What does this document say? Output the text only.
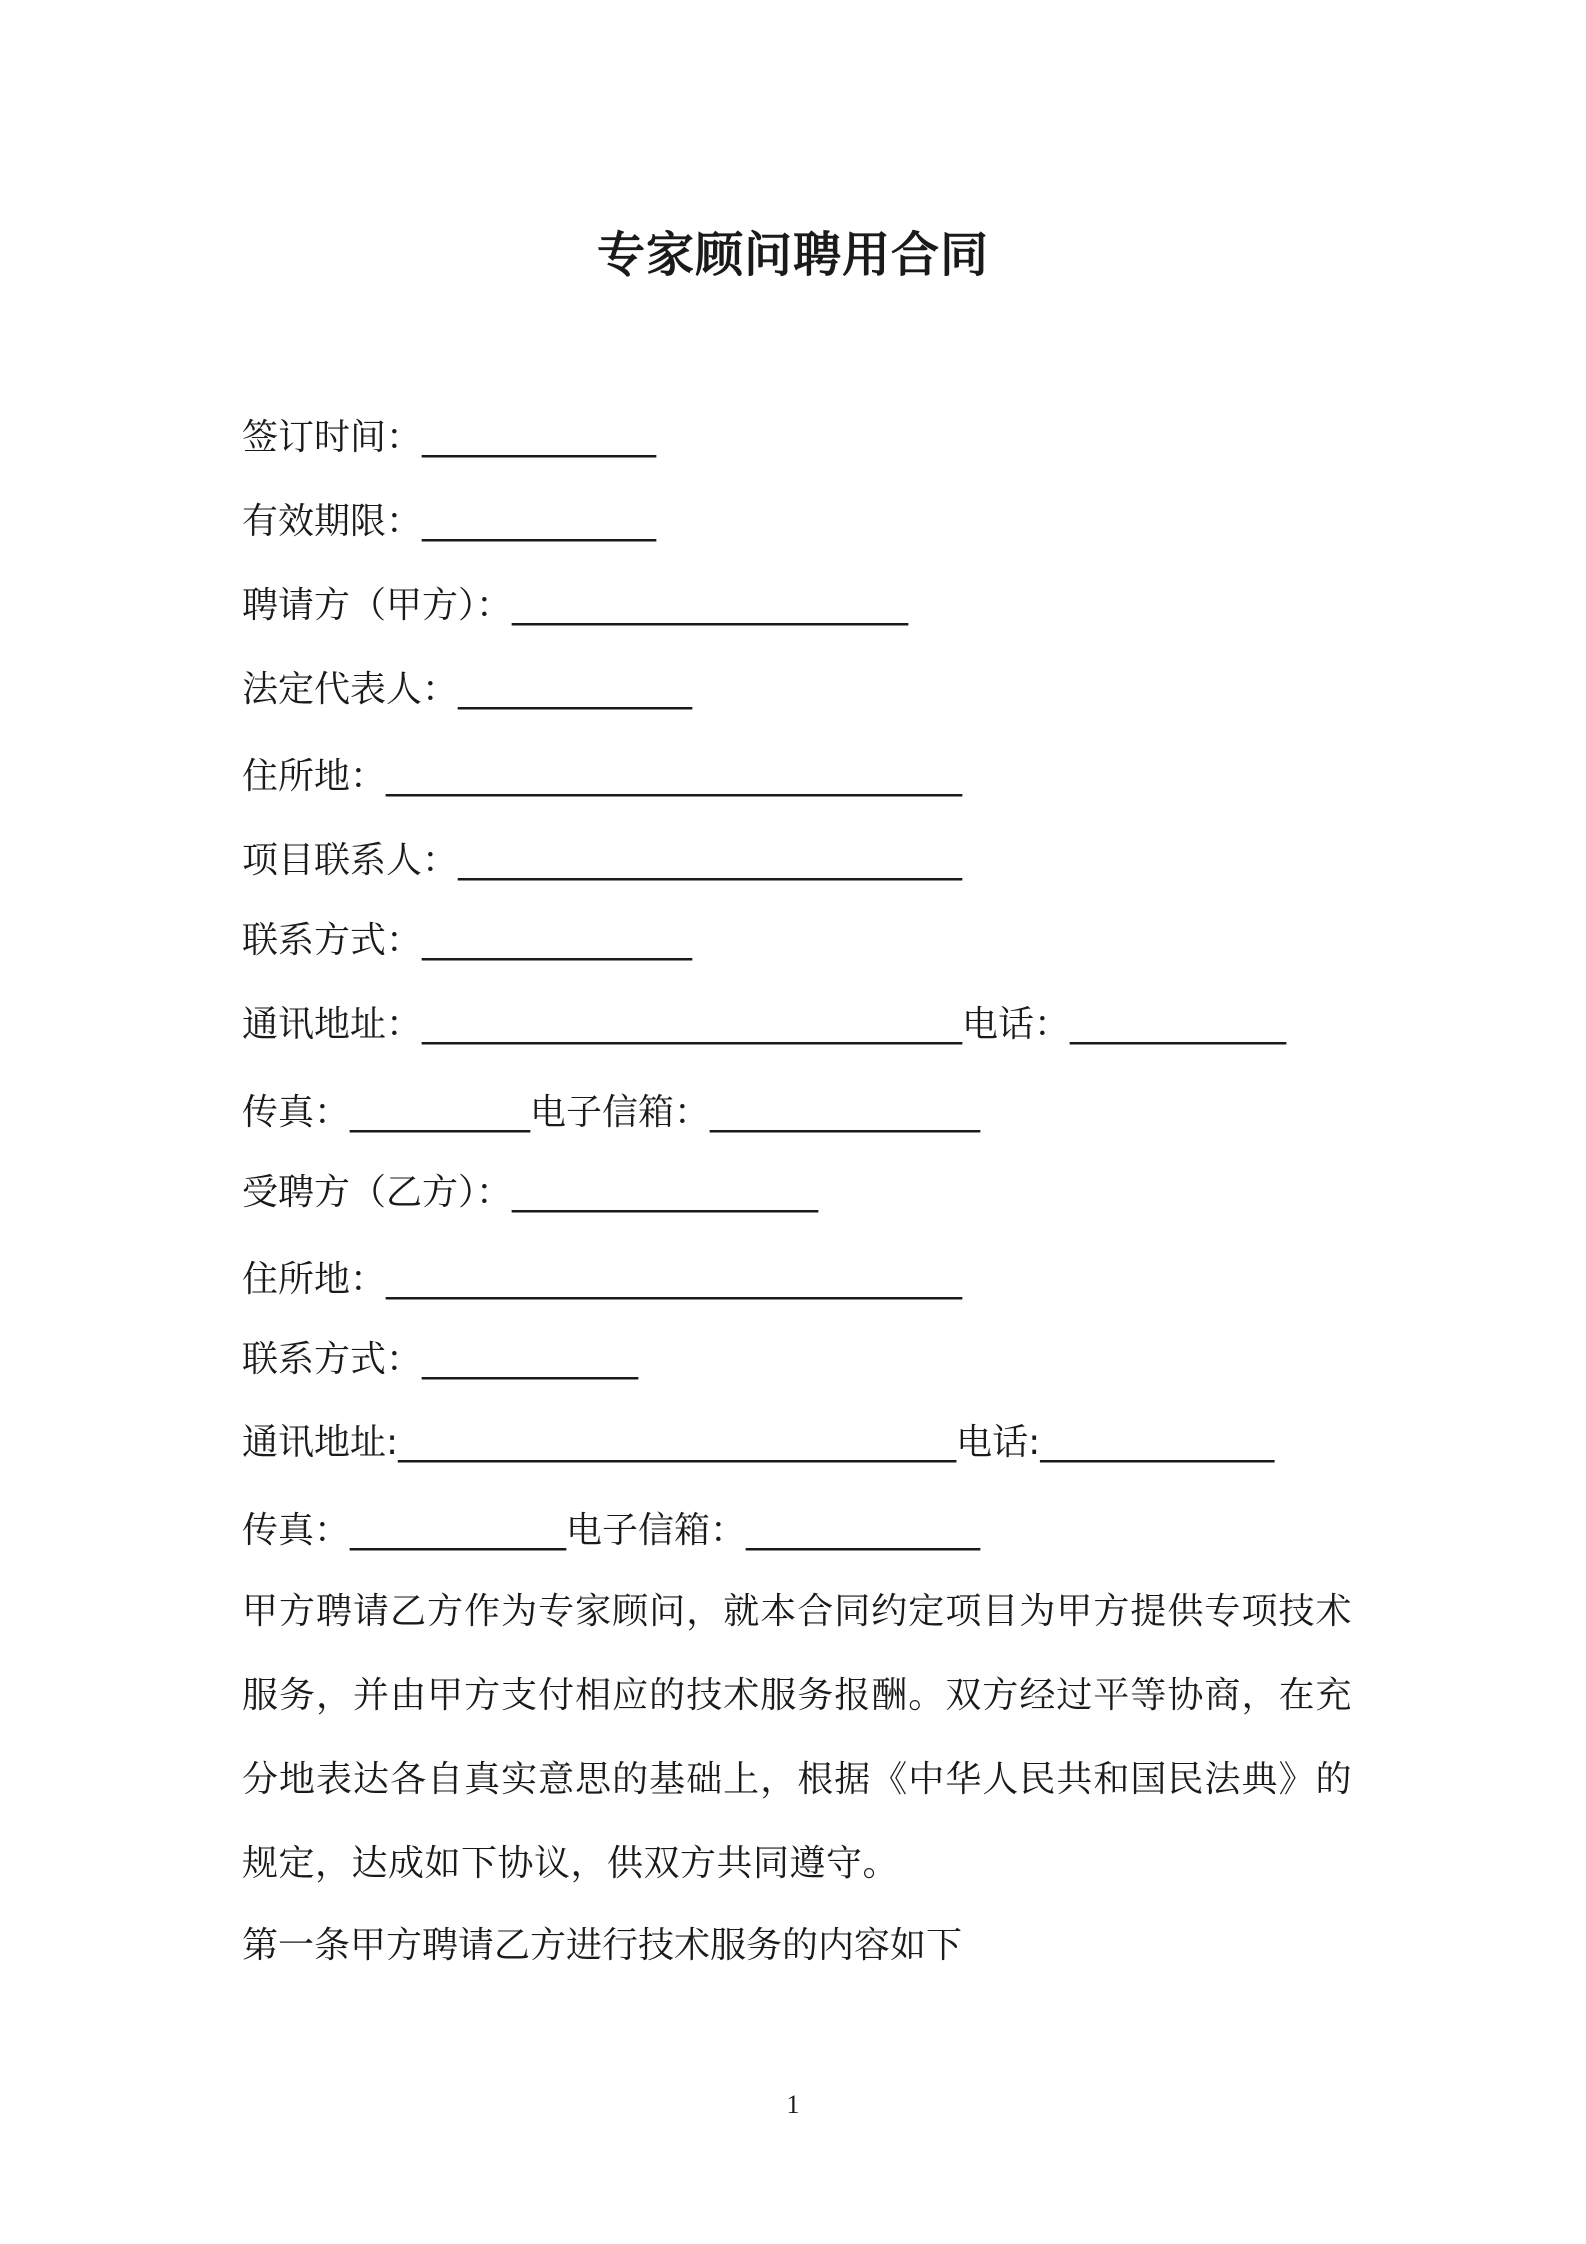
专家顾问聘用合同
签订时间：_____________
有效期限：_____________
聘请方（甲方）：______________________
法定代表人：_____________
住所地：________________________________
项目联系人：____________________________
联系方式：_______________
通讯地址：______________________________电话：____________
传真：__________电子信箱：_______________
受聘方（乙方）：_________________
住所地：________________________________
联系方式：____________
通讯地址:_______________________________电话:_____________
传真：____________电子信箱：_____________
甲方聘请乙方作为专家顾问，就本合同约定项目为甲方提供专项技术服务，并由甲方支付相应的技术服务报酬。双方经过平等协商，在充分地表达各自真实意思的基础上，根据《中华人民共和国民法典》的规定，达成如下协议，供双方共同遵守。
第一条甲方聘请乙方进行技术服务的内容如下
1
